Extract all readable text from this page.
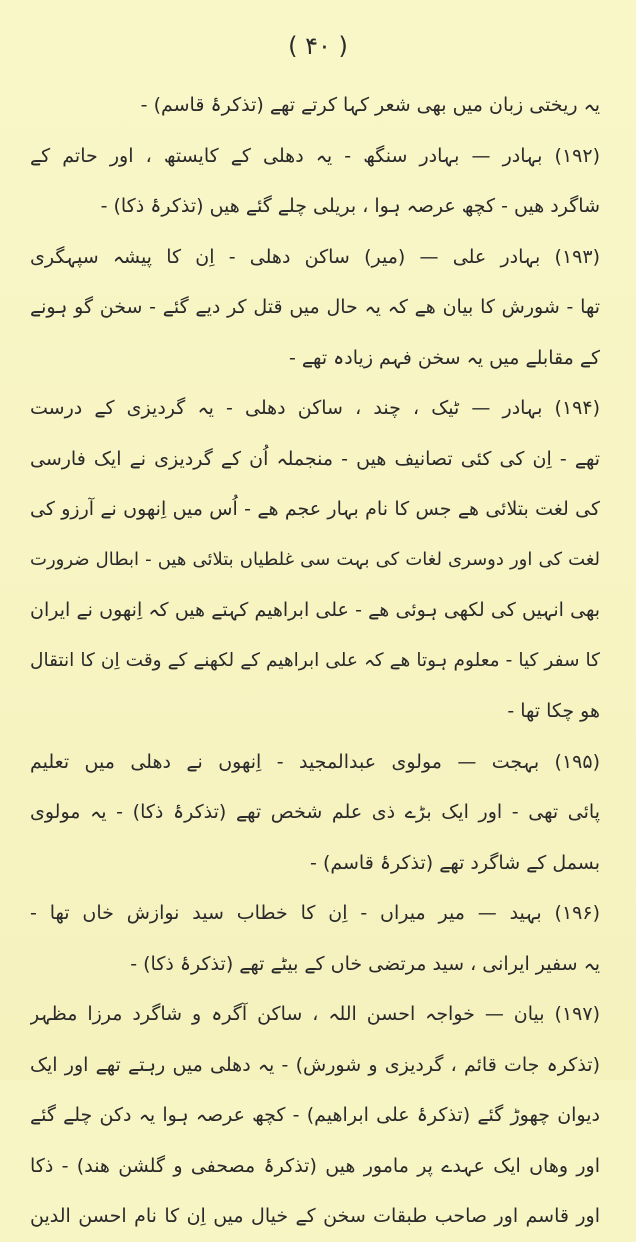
( ۴۰ )
یہ ریختی زبان میں بھی شعر کہا کرتے تھے (تذکرۂ قاسم) -
(۱۹۲) بہادر — بہادر سنگھ - یہ دھلی کے کایستھ ، اور حاتم کے
شاگرد ھیں - کچھ عرصہ ہوا ، بریلی چلے گئے ھیں (تذکرۂ ذکا) -
(۱۹۳) بہادر علی — (میر) ساکن دھلی - اِن کا پیشہ سپہگری
تھا - شورش کا بیان ھے کہ یہ حال میں قتل کر دیے گئے - سخن گو ہونے
کے مقابلے میں یہ سخن فہم زیادہ تھے -
(۱۹۴) بہادر — ٹیک ، چند ، ساکن دھلی - یہ گردیزی کے درست
تھے - اِن کی کئی تصانیف ھیں - منجملہ اُن کے گردیزی نے ایک فارسی
کی لغت بتلائی ھے جس کا نام بہار عجم ھے - اُس میں اِنھوں نے آرزو کی
لغت کی اور دوسری لغات کی بہت سی غلطیاں بتلائی ھیں - ابطال ضرورت
بھی انہیں کی لکھی ہوئی ھے - علی ابراھیم کہتے ھیں کہ اِنھوں نے ایران
کا سفر کیا - معلوم ہوتا ھے کہ علی ابراھیم کے لکھنے کے وقت اِن کا انتقال
ھو چکا تھا -
(۱۹۵) بہجت — مولوی عبدالمجید - اِنھوں نے دھلی میں تعلیم
پائی تھی - اور ایک بڑے ذی علم شخص تھے (تذکرۂ ذکا) - یہ مولوی
بسمل کے شاگرد تھے (تذکرۂ قاسم) -
(۱۹۶) بہید — میر میراں - اِن کا خطاب سید نوازش خاں تھا -
یہ سفیر ایرانی ، سید مرتضی خاں کے بیٹے تھے (تذکرۂ ذکا) -
(۱۹۷) بیان — خواجہ احسن اللہ ، ساکن آگرہ و شاگرد مرزا مظہر
(تذکرہ جات قائم ، گردیزی و شورش) - یہ دھلی میں رہتے تھے اور ایک
دیوان چھوڑ گئے (تذکرۂ علی ابراھیم) - کچھ عرصہ ہوا یہ دکن چلے گئے
اور وھاں ایک عہدے پر مامور ھیں (تذکرۂ مصحفی و گلشن ھند) - ذکا
اور قاسم اور صاحب طبقات سخن کے خیال میں اِن کا نام احسن الدین
